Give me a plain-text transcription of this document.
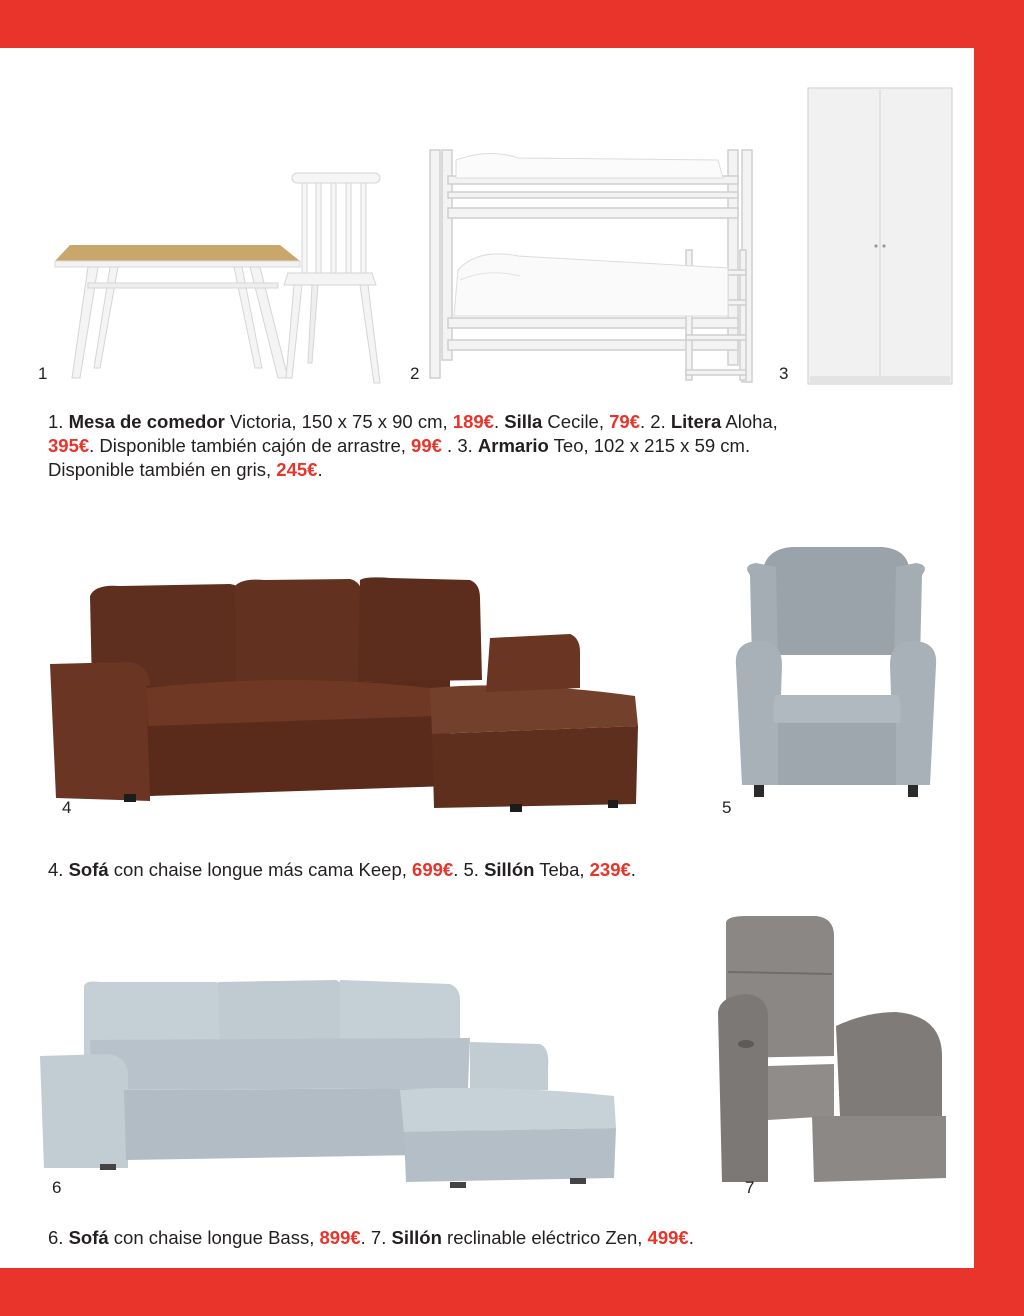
1	2	3
1. Mesa de comedor Victoria, 150 x 75 x 90 cm, 189€. Silla Cecile, 79€. 2. Litera Aloha,
395€. Disponible también cajón de arrastre, 99€ . 3. Armario Teo, 102 x 215 x 59 cm.
Disponible también en gris, 245€.
4	5
4. Sofá con chaise longue más cama Keep, 699€. 5. Sillón Teba, 239€.
6	7
6. Sofá con chaise longue Bass, 899€. 7. Sillón reclinable eléctrico Zen, 499€.
